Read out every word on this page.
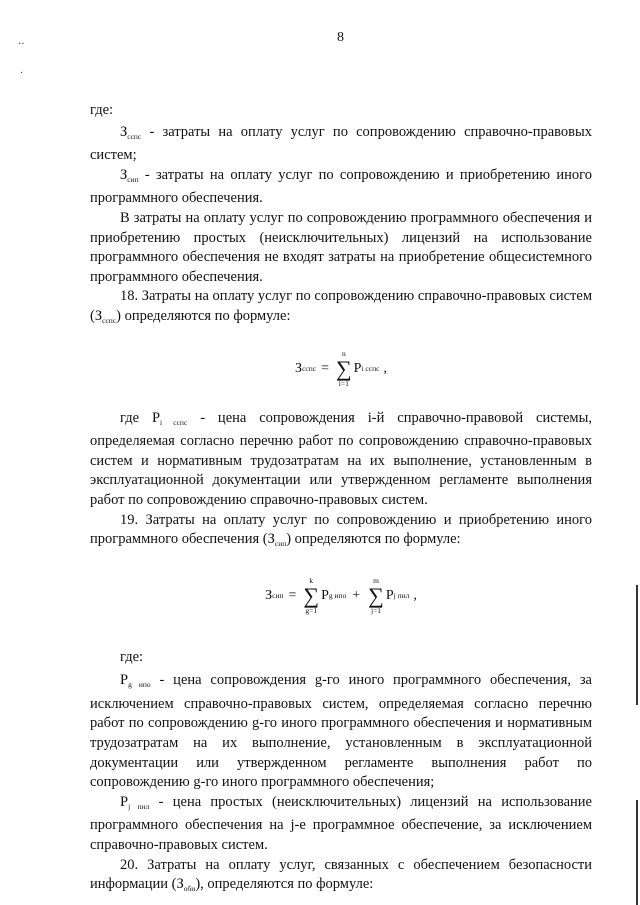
8
‥
·

где:

$З_{сспс}$ - затраты на оплату услуг по сопровождению справочно-правовых систем;

$З_{сип}$ - затраты на оплату услуг по сопровождению и приобретению иного программного обеспечения.

В затраты на оплату услуг по сопровождению программного обеспечения и приобретению простых (неисключительных) лицензий на использование программного обеспечения не входят затраты на приобретение общесистемного программного обеспечения.

18. Затраты на оплату услуг по сопровождению справочно-правовых систем $(З_{сспс})$ определяются по формуле:

З сспс =
n
∑
i=1
P i сспс ,

где $P_{i сспс}$ - цена сопровождения i-й справочно-правовой системы, определяемая согласно перечню работ по сопровождению справочно-правовых систем и нормативным трудозатратам на их выполнение, установленным в эксплуатационной документации или утвержденном регламенте выполнения работ по сопровождению справочно-правовых систем.

19. Затраты на оплату услуг по сопровождению и приобретению иного программного обеспечения $(З_{сип})$ определяются по формуле:

З сип =
k
∑
g=1
P g ипо +
m
∑
j=1
P j пнл ,

где:

$P_{g ипо}$ - цена сопровождения g-го иного программного обеспечения, за исключением справочно-правовых систем, определяемая согласно перечню работ по сопровождению g-го иного программного обеспечения и нормативным трудозатратам на их выполнение, установленным в эксплуатационной документации или утвержденном регламенте выполнения работ по сопровождению g-го иного программного обеспечения;

$P_{j пнл}$ - цена простых (неисключительных) лицензий на использование программного обеспечения на j-е программное обеспечение, за исключением справочно-правовых систем.

20. Затраты на оплату услуг, связанных с обеспечением безопасности информации $(З_{оби})$, определяются по формуле:
